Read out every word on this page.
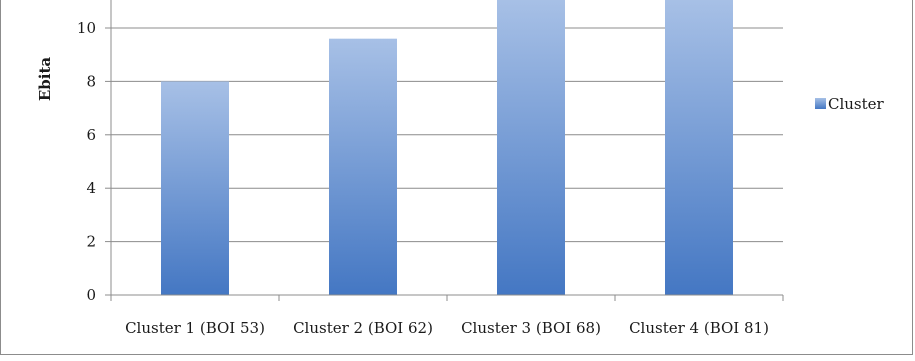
0
2
4
6
8
10
Cluster 1 (BOI 53) Cluster 2 (BOI 62) Cluster 3 (BOI 68) Cluster 4 (BOI 81)
Ebita
Cluster
